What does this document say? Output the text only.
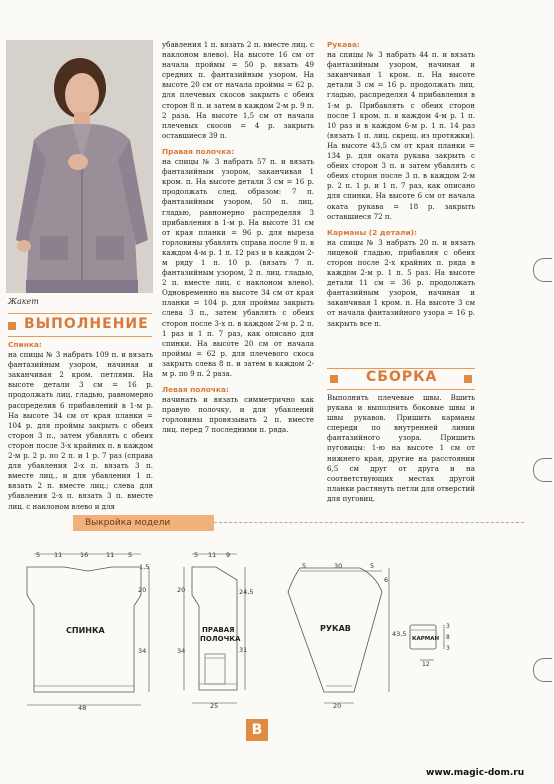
Жакет
ВЫПОЛНЕНИЕ

Спинка:
на спицы № 3 набрать 109 п. и вязать фантазийным узором, начиная и заканчивая 2 кром. петлями. На высоте детали 3 см = 16 р. продолжать лиц. гладью, равномерно распределив 6 прибавлений в 1-м р. На высоте 34 см от края планки = 104 р. для проймы закрыть с обеих сторон 3 п., затем убавлять с обеих сторон после 3-х крайних п. в каждом 2-м р. 2 р. по 2 п. и 1 р. 7 раз (справа для убавления 2-х п. вязать 3 п. вместе лиц., и для убавления 1 п. вязать 2 п. вместе лиц.; слева для убавления 2-х п. вязать 3 п. вместе лиц. с наклоном влево и для

убавления 1 п. вязать 2 п. вместе лиц. с наклоном влево). На высоте 16 см от начала проймы = 50 р. вязать 49 средних п. фантазийным узором. На высоте 20 см от начала проймы = 62 р. для плечевых скосов закрыть с обеих сторон 8 п. и затем в каждом 2-м р. 9 п. 2 раза. На высоте 1,5 см от начала плечевых скосов = 4 р. закрыть оставшиеся 39 п.

Правая полочка:
на спицы № 3 набрать 57 п. и вязать фантазийным узором, заканчивая 1 кром. п. На высоте детали 3 см = 16 р. продолжать след. образом: 7 п. фантазийным узором, 50 п. лиц. гладью, равномерно распределяя 3 прибавления в 1-м р. На высоте 31 см от края планки = 96 р. для выреза горловины убавлять справа после 9 п. в каждом 4-м р. 1 п. 12 раз и в каждом 2-м ряду 1 п. 10 р. (вязать 7 п. фантазийным узором, 2 п. лиц. гладью, 2 п. вместе лиц. с наклоном влево). Одновременно на высоте 34 см от края планки = 104 р. для проймы закрыть слева 3 п., затем убавлять с обеих сторон после 3-х п. в каждом 2-м р. 2 п. 1 раз и 1 п. 7 раз, как описано для спинки. На высоте 20 см от начала проймы = 62 р. для плечевого скоса закрыть слева 8 п. и затем в каждом 2-м р. по 9 п. 2 раза.

Левая полочка:
начинать и вязать симметрично как правую полочку, и для убавлений горловины провязывать 2 п. вместе лиц. перед 7 последними п. ряда.

Рукава:
на спицы № 3 набрать 44 п. и вязать фантазийным узором, начиная и заканчивая 1 кром. п. На высоте детали 3 см = 16 р. продолжать лиц. гладью, распределяя 4 прибавления в 1-м р. Прибавлять с обеих сторон после 1 кром. п. в каждом 4-м р. 1 п. 10 раз и в каждом 6-м р. 1 п. 14 раз (вязать 1 п. лиц. скрещ. из протяжки). На высоте 43,5 см от края планки = 134 р. для оката рукава закрыть с обеих сторон 3 п. и затем убавлять с обеих сторон после 3 п. в каждом 2-м р. 2 п. 1 р. и 1 п. 7 раз, как описано для спинки. На высоте 6 см от начала оката рукава = 18 р. закрыть оставшиеся 72 п.

Карманы (2 детали):
на спицы № 3 набрать 20 п. и вязать лицевой гладью, прибавляя с обеих сторон после 2-х крайних п. ряда в каждом 2-м р. 1 п. 5 раз. На высоте детали 11 см = 36 р. продолжать фантазийным узором, начиная и заканчивая 1 кром. п. На высоте 3 см от начала фантазийного узора = 16 р. закрыть все п.

СБОРКА

Выполнить плечевые швы. Вшить рукава и выполнить боковые швы и швы рукавов. Пришить карманы спереди по внутренней линии фантазийного узора. Пришить пуговицы: 1-ю на высоте 1 см от нижнего края, другие на расстоянии 6,5 см друг от друга и на соответствующих местах другой планки растянуть петли для отверстий для пуговиц.

Выкройка модели
5 11	16	11 5
1,5
20
34
48
СПИНКА
5 11 9
24,5
31
20
34
25
ПРАВАЯ
ПОЛОЧКА
5	30	5
6
43,5
20
РУКАВ
КАРМАН
3
8
3
12
B
www.magic-dom.ru
